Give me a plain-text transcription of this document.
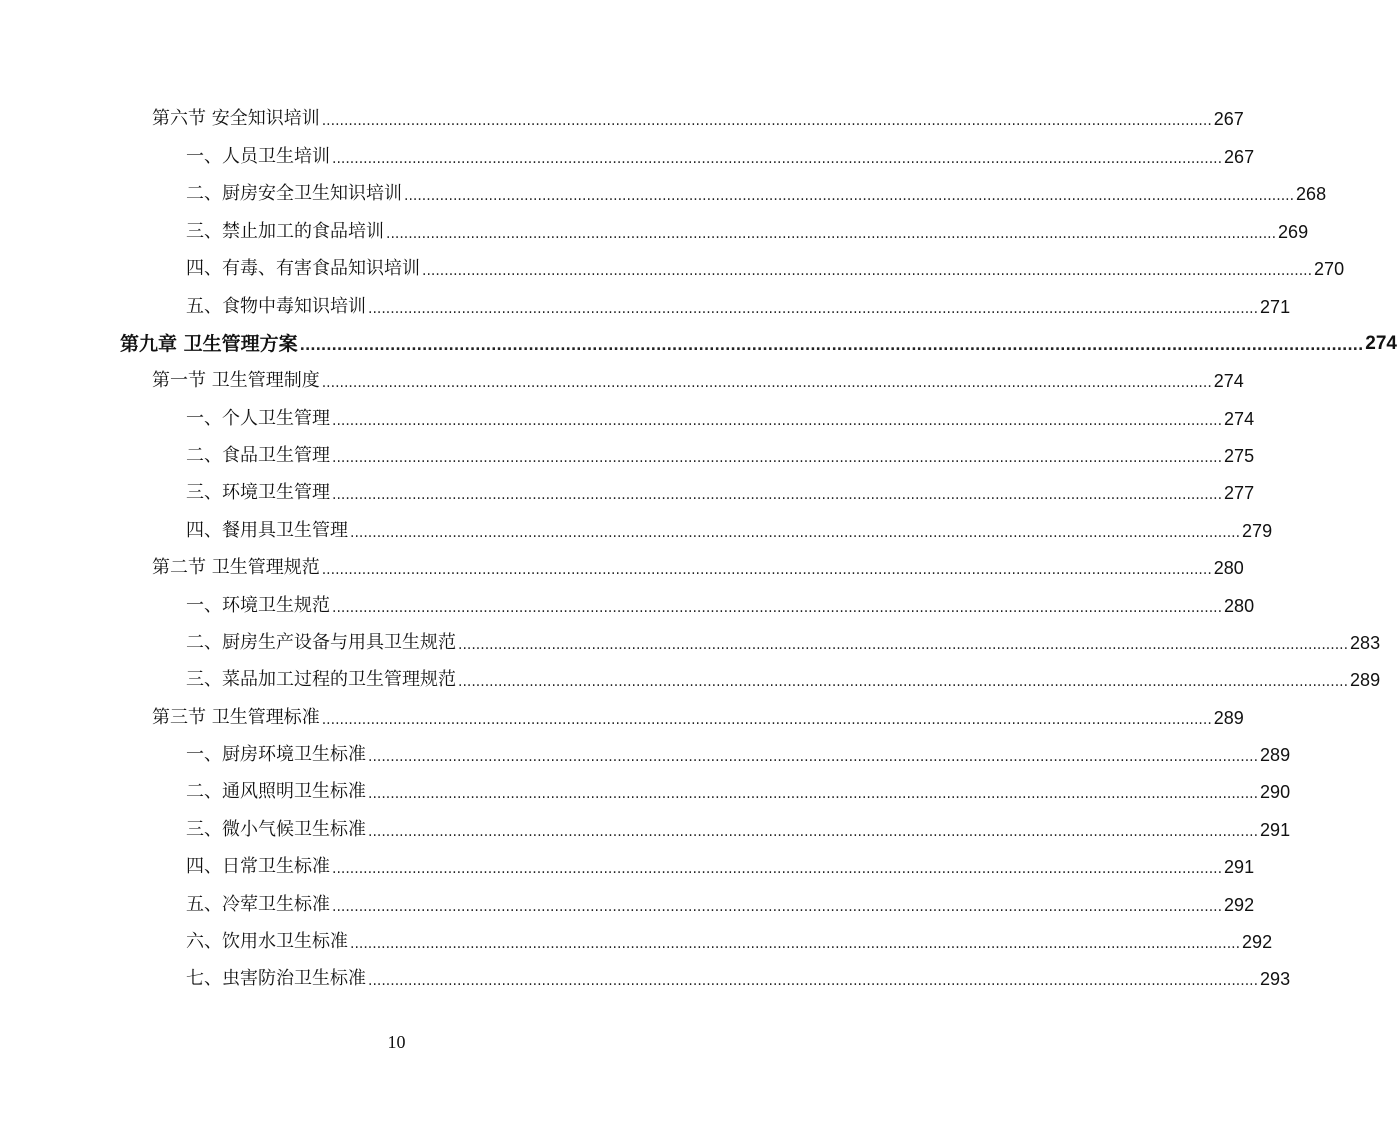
第六节 安全知识培训 ........................................................................................................................................................................................................ 267
一、人员卫生培训 ........................................................................................................................................................................................................ 267
二、厨房安全卫生知识培训 ........................................................................................................................................................................................................ 268
三、禁止加工的食品培训 ........................................................................................................................................................................................................ 269
四、有毒、有害食品知识培训 ........................................................................................................................................................................................................ 270
五、食物中毒知识培训 ........................................................................................................................................................................................................ 271
第九章 卫生管理方案 ........................................................................................................................................................................................................ 274
第一节 卫生管理制度 ........................................................................................................................................................................................................ 274
一、个人卫生管理 ........................................................................................................................................................................................................ 274
二、食品卫生管理 ........................................................................................................................................................................................................ 275
三、环境卫生管理 ........................................................................................................................................................................................................ 277
四、餐用具卫生管理 ........................................................................................................................................................................................................ 279
第二节 卫生管理规范 ........................................................................................................................................................................................................ 280
一、环境卫生规范 ........................................................................................................................................................................................................ 280
二、厨房生产设备与用具卫生规范 ........................................................................................................................................................................................................ 283
三、菜品加工过程的卫生管理规范 ........................................................................................................................................................................................................ 289
第三节 卫生管理标准 ........................................................................................................................................................................................................ 289
一、厨房环境卫生标准 ........................................................................................................................................................................................................ 289
二、通风照明卫生标准 ........................................................................................................................................................................................................ 290
三、微小气候卫生标准 ........................................................................................................................................................................................................ 291
四、日常卫生标准 ........................................................................................................................................................................................................ 291
五、冷荤卫生标准 ........................................................................................................................................................................................................ 292
六、饮用水卫生标准 ........................................................................................................................................................................................................ 292
七、虫害防治卫生标准 ........................................................................................................................................................................................................ 293
10
